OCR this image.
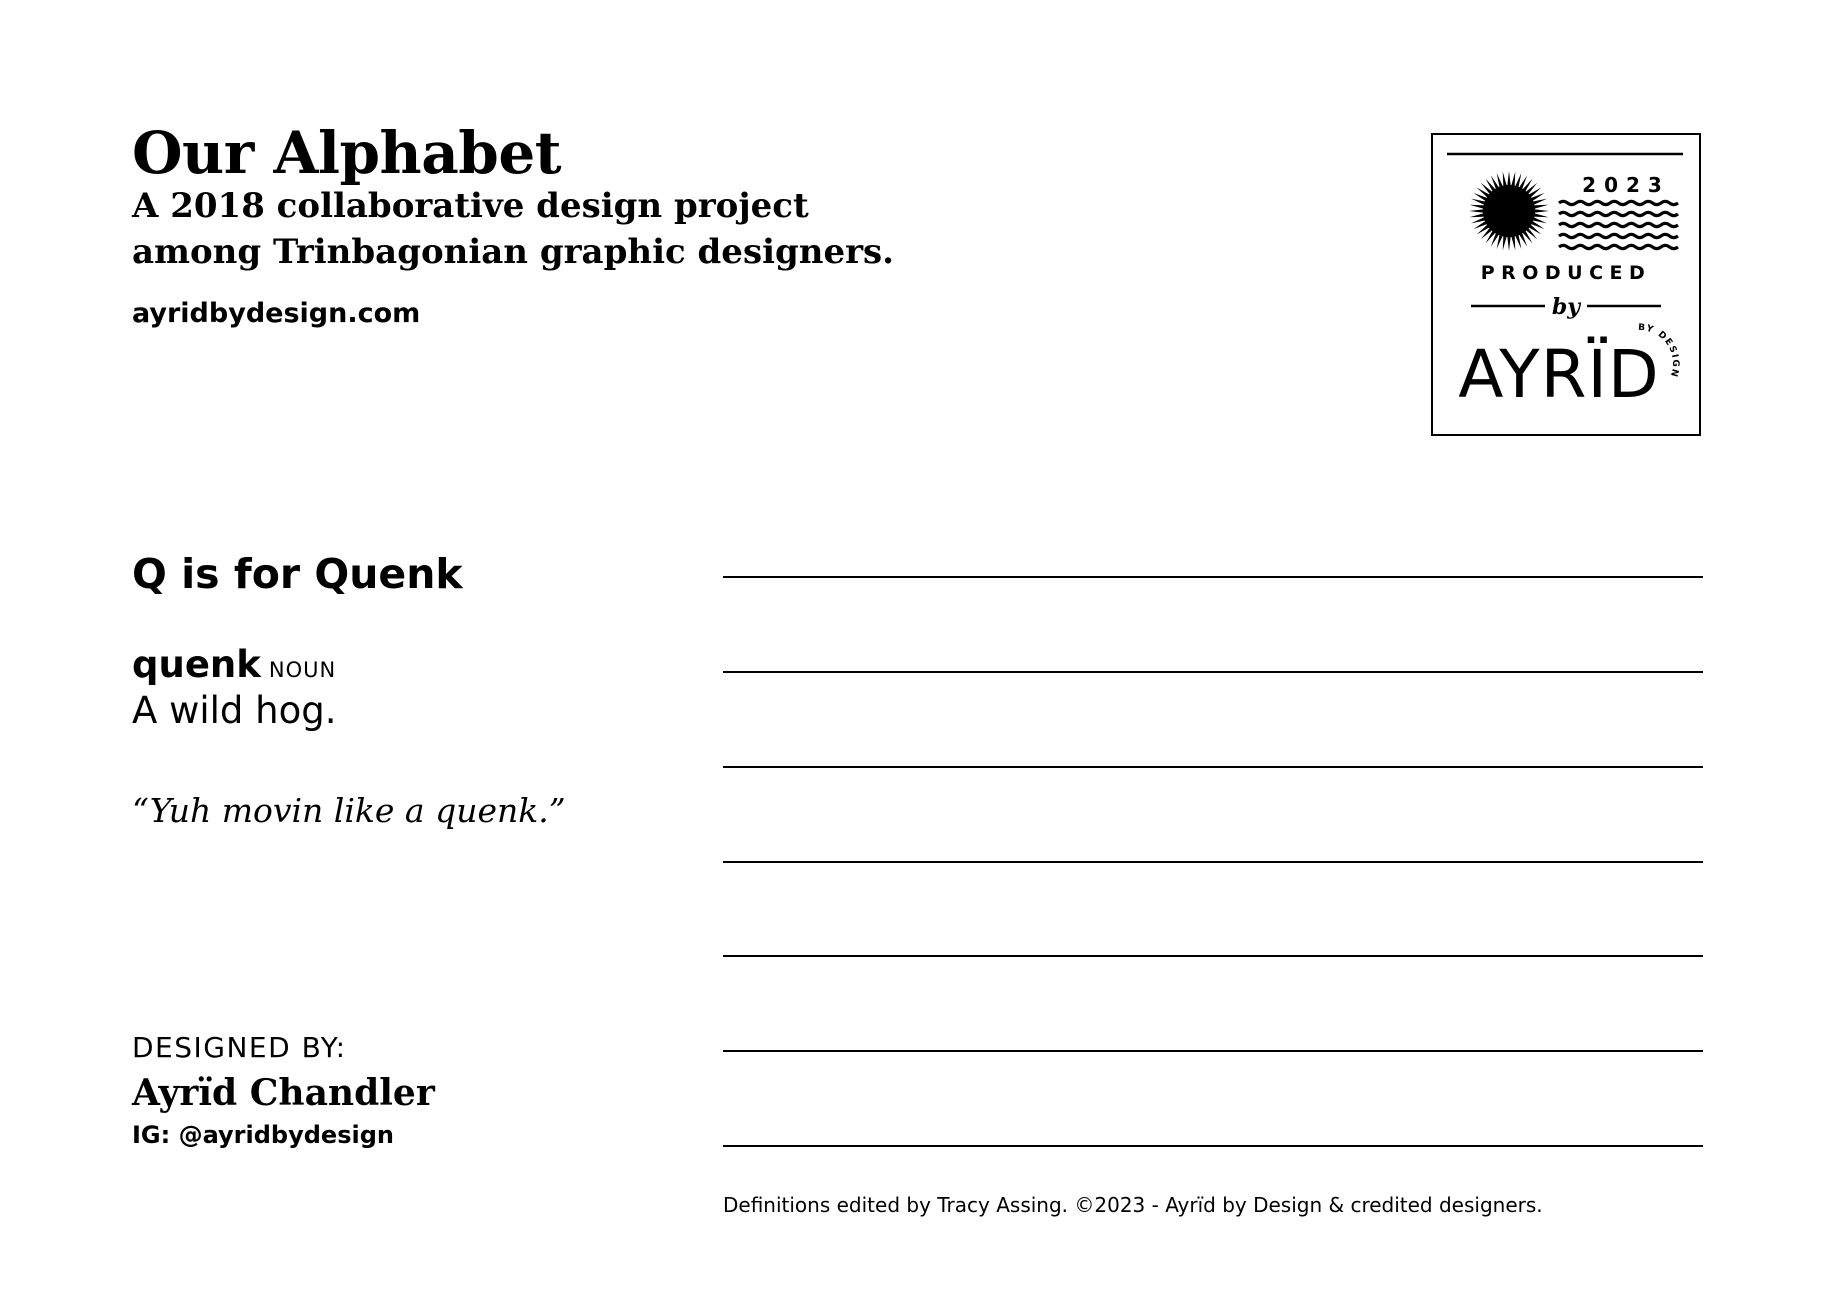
Our Alphabet
A 2018 collaborative design project
among Trinbagonian graphic designers.
ayridbydesign.com
2023
PRODUCED
by
AYRÏD
BY DESIGN
Q is for Quenk
quenk NOUN
A wild hog.
“Yuh movin like a quenk.”
DESIGNED BY:
Ayrïd Chandler
IG: @ayridbydesign
Definitions edited by Tracy Assing. ©2023 - Ayrïd by Design & credited designers.
